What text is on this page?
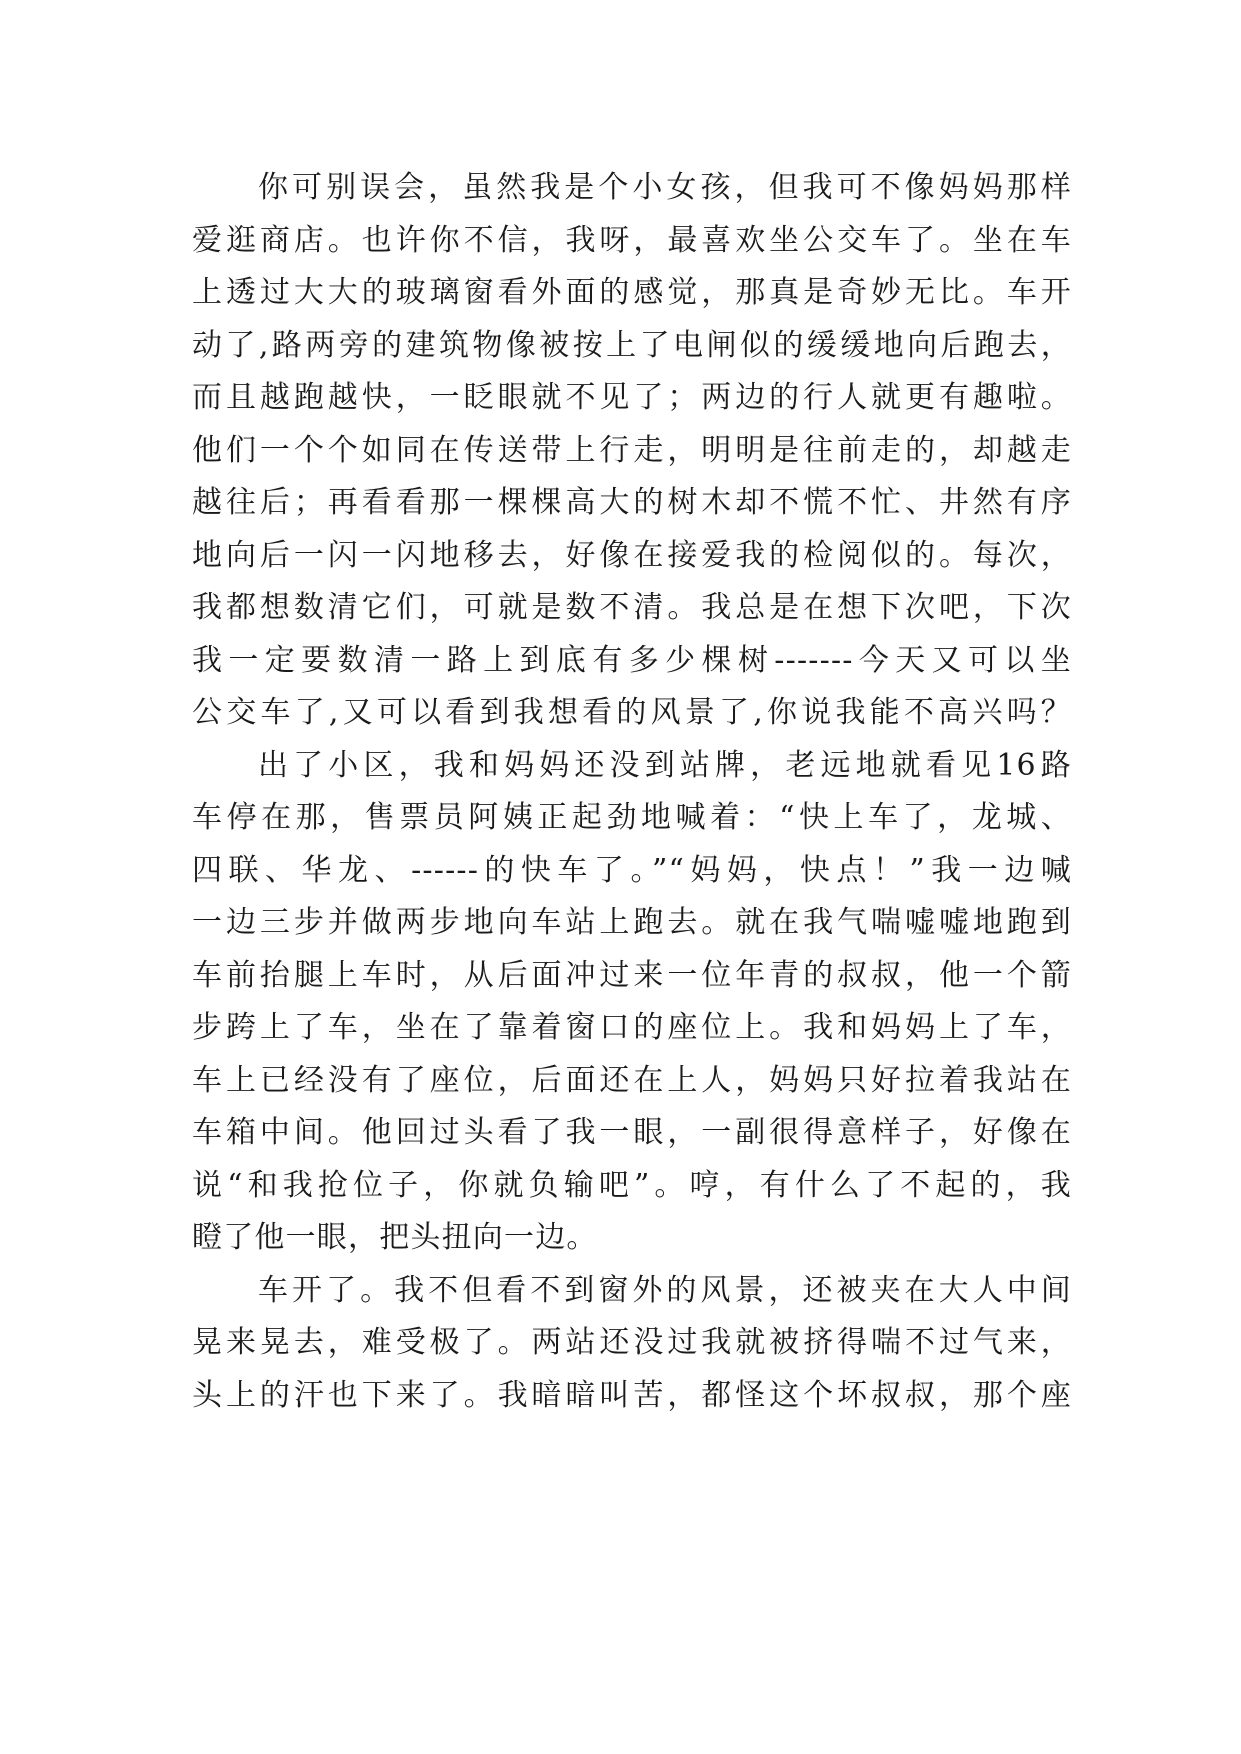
你可别误会，虽然我是个小女孩，但我可不像妈妈那样
爱逛商店。也许你不信，我呀，最喜欢坐公交车了。坐在车
上透过大大的玻璃窗看外面的感觉，那真是奇妙无比。车开
动了,路两旁的建筑物像被按上了电闸似的缓缓地向后跑去，
而且越跑越快，一眨眼就不见了；两边的行人就更有趣啦。
他们一个个如同在传送带上行走，明明是往前走的，却越走
越往后；再看看那一棵棵高大的树木却不慌不忙、井然有序
地向后一闪一闪地移去，好像在接爱我的检阅似的。每次，
我都想数清它们，可就是数不清。我总是在想下次吧，下次
我一定要数清一路上到底有多少棵树-------今天又可以坐
公交车了,又可以看到我想看的风景了,你说我能不高兴吗？
出了小区，我和妈妈还没到站牌，老远地就看见16路
车停在那，售票员阿姨正起劲地喊着：“快上车了，龙城、
四联、华龙、------的快车了。”“妈妈，快点！”我一边喊
一边三步并做两步地向车站上跑去。就在我气喘嘘嘘地跑到
车前抬腿上车时，从后面冲过来一位年青的叔叔，他一个箭
步跨上了车，坐在了靠着窗口的座位上。我和妈妈上了车，
车上已经没有了座位，后面还在上人，妈妈只好拉着我站在
车箱中间。他回过头看了我一眼，一副很得意样子，好像在
说“和我抢位子，你就负输吧”。哼，有什么了不起的，我
瞪了他一眼，把头扭向一边。
车开了。我不但看不到窗外的风景，还被夹在大人中间
晃来晃去，难受极了。两站还没过我就被挤得喘不过气来，
头上的汗也下来了。我暗暗叫苦，都怪这个坏叔叔，那个座
